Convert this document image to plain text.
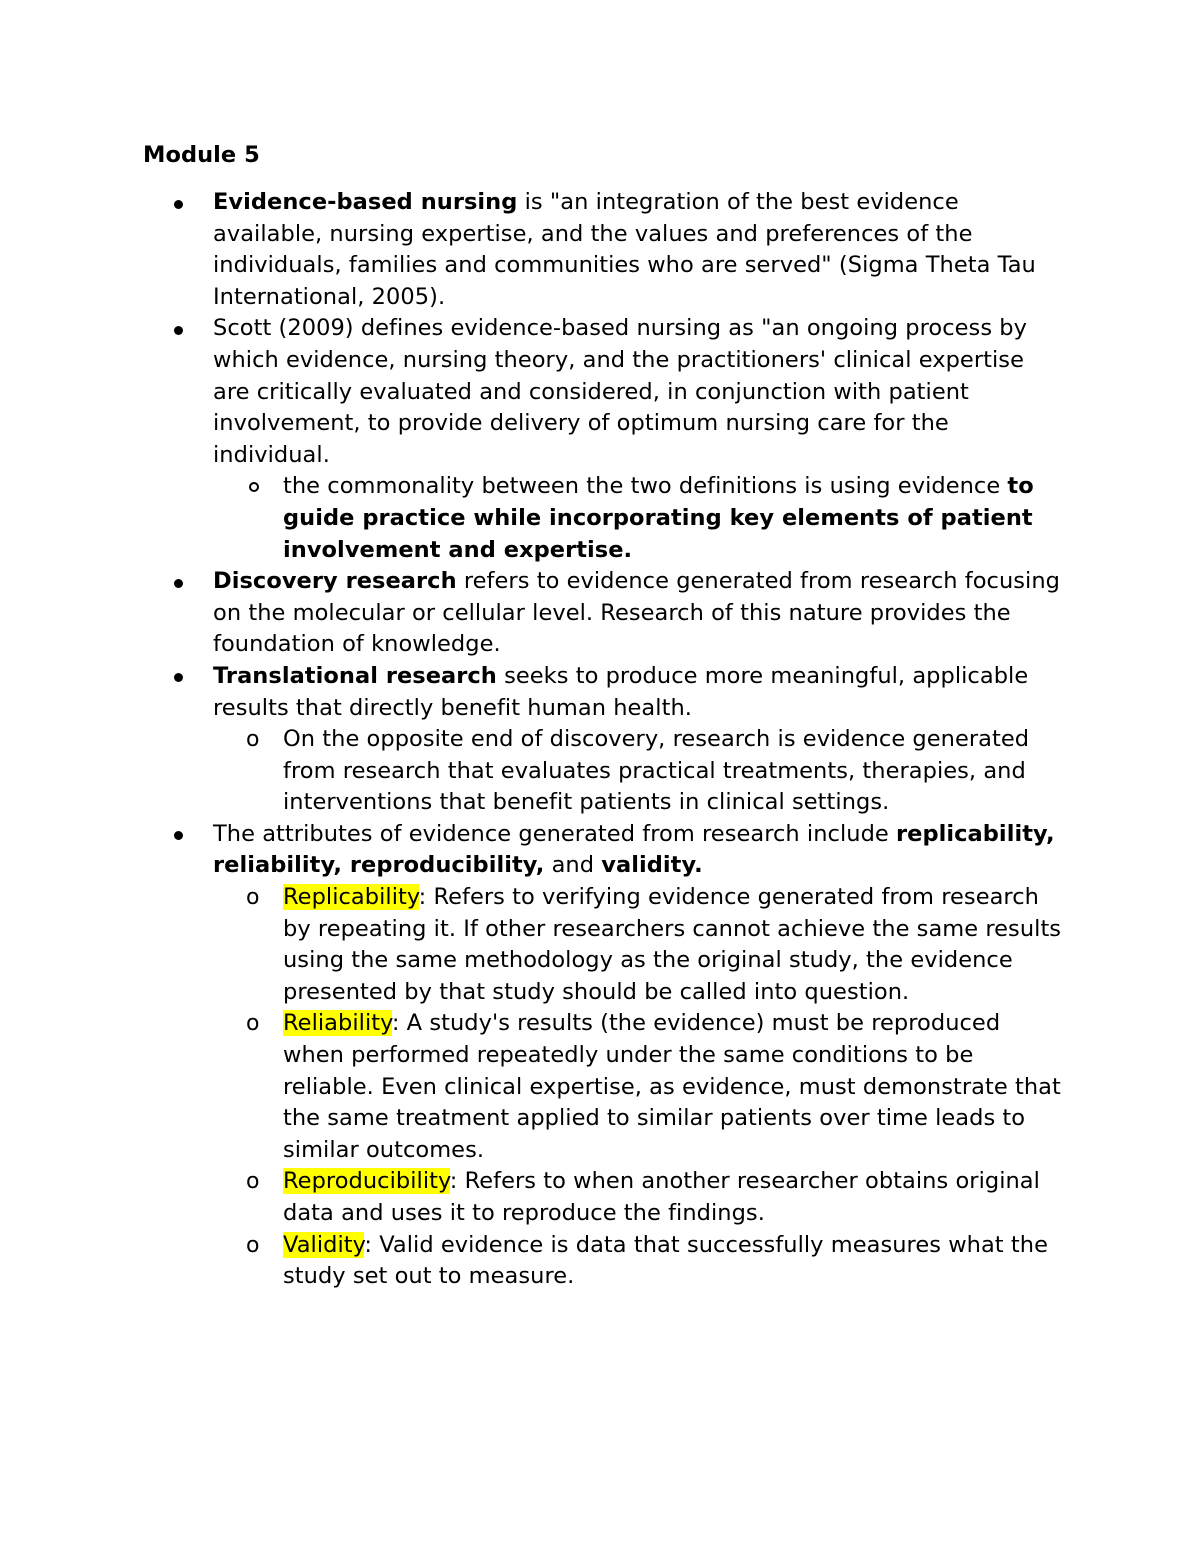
Module 5
Evidence-based nursing is "an integration of the best evidence available, nursing expertise, and the values and preferences of the individuals, families and communities who are served" (Sigma Theta Tau International, 2005).
Scott (2009) defines evidence-based nursing as "an ongoing process by which evidence, nursing theory, and the practitioners' clinical expertise are critically evaluated and considered, in conjunction with patient involvement, to provide delivery of optimum nursing care for the individual.
the commonality between the two definitions is using evidence to guide practice while incorporating key elements of patient involvement and expertise.
Discovery research refers to evidence generated from research focusing on the molecular or cellular level. Research of this nature provides the foundation of knowledge.
Translational research seeks to produce more meaningful, applicable results that directly benefit human health.
o On the opposite end of discovery, research is evidence generated from research that evaluates practical treatments, therapies, and interventions that benefit patients in clinical settings.
The attributes of evidence generated from research include replicability, reliability, reproducibility, and validity.
o Replicability: Refers to verifying evidence generated from research by repeating it. If other researchers cannot achieve the same results using the same methodology as the original study, the evidence presented by that study should be called into question.
o Reliability: A study's results (the evidence) must be reproduced when performed repeatedly under the same conditions to be reliable. Even clinical expertise, as evidence, must demonstrate that the same treatment applied to similar patients over time leads to similar outcomes.
o Reproducibility: Refers to when another researcher obtains original data and uses it to reproduce the findings.
o Validity: Valid evidence is data that successfully measures what the study set out to measure.
